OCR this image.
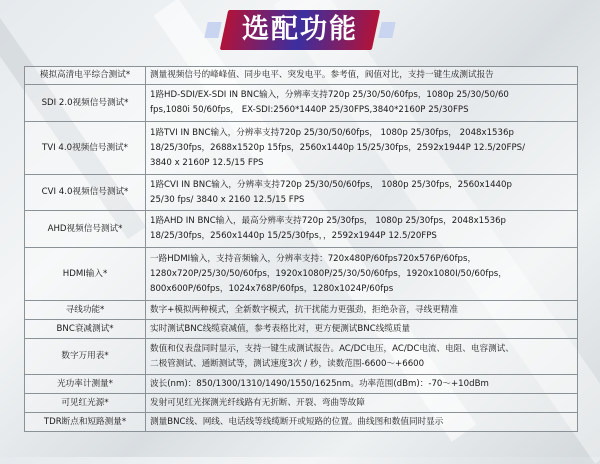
选配功能
模拟高清电平综合测试*	测量视频信号的峰峰值、同步电平、突发电平。参考值，阀值对比，支持一键生成测试报告
SDI 2.0视频信号测试*	1路HD-SDI/EX-SDI IN BNC输入，分辨率支持720p 25/30/50/60fps，1080p 25/30/50/60
fps,1080i 50/60fps， EX-SDI:2560*1440P 25/30FPS,3840*2160P 25/30FPS
TVI 4.0视频信号测试*	1路TVI IN BNC输入，分辨率支持720p 25/30/50/60fps， 1080p 25/30fps， 2048x1536p
18/25/30fps，2688x1520p 15fps，2560x1440p 15/25/30fps，2592x1944P 12.5/20FPS/
3840 x 2160P 12.5/15 FPS
CVI 4.0视频信号测试*	1路CVI IN BNC输入，分辨率支持720p 25/30/50/60fps， 1080p 25/30fps，2560x1440p
25/30 fps/ 3840 x 2160 12.5/15 FPS
AHD视频信号测试*	1路AHD IN BNC输入，最高分辨率支持720p 25/30fps， 1080p 25/30fps，2048x1536p
18/25/30fps，2560x1440p 15/25/30fps，，2592x1944P 12.5/20FPS
HDMI输入*	一路HDMI输入，支持音频输入，分辨率支持：720x480P/60fps720x576P/60fps，
1280x720P/25/30/50/60fps，1920x1080P/25/30/50/60fps，1920x1080I/50/60fps，
800x600P/60fps，1024x768P/60fps，1280x1024P/60fps
寻线功能*	数字+模拟两种模式，全新数字模式，抗干扰能力更强劲，拒绝杂音，寻线更精准
BNC衰减测试*	实时测试BNC线缆衰减值，参考表格比对，更方便测试BNC线缆质量
数字万用表*	数值和仪表盘同时显示，支持一键生成测试报告。AC/DC电压，AC/DC电流、电阻、电容测试、
二极管测试、通断测试等，测试速度3次 / 秒，读数范围-6600～+6600
光功率计测量*	波长(nm)：850/1300/1310/1490/1550/1625nm。功率范围(dBm)：-70～+10dBm
可见红光源*	发射可见红光探测光纤线路有无折断、开裂、弯曲等故障
TDR断点和短路测量*	测量BNC线、网线、电话线等线缆断开或短路的位置。曲线图和数值同时显示
